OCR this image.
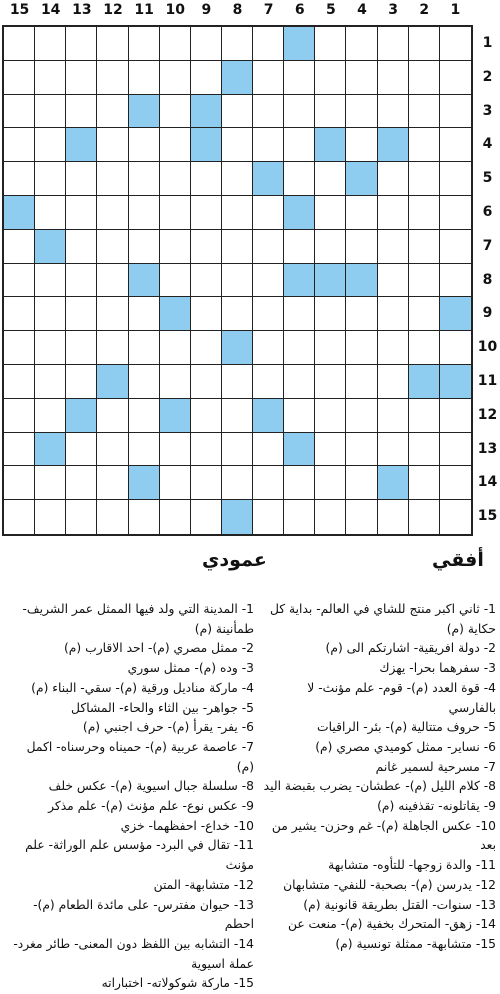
15 14 13 12 11 10	9	8	7	6	5	4	3	2	1
1
2
3
4
5
6
7
8
9
10
11
12
13
14
15
أفقي
عمودي
1- ثاني اكبر منتج للشاي في العالم- بداية كل حكاية (م)
2- دولة افريقية- اشارتكم الى (م)
3- سفرهما بحرا- يهزك
4- قوة العدد (م)- قوم- علم مؤنث- لا بالفارسي
5- حروف متتالية (م)- بئر- الراقيات
6- نساير- ممثل كوميدي مصري (م)
7- مسرحية لسمير غانم
8- كلام الليل (م)- عطشان- يضرب بقبضة اليد
9- يقاتلونه- تقذفينه (م)
10- عكس الجاهلة (م)- غم وحزن- يشير من بعد
11- والدة زوجها- للتأوه- متشابهة
12- يدرسن (م)- بصحبة- للنفي- متشابهان
13- سنوات- القتل بطريقة قانونية (م)
14- زهق- المتحرك بخفية (م)- منعت عن
15- متشابهة- ممثلة تونسية (م)
1- المدينة التي ولد فيها الممثل عمر الشريف- طمأنينة (م)
2- ممثل مصري (م)- احد الاقارب (م)
3- وده (م)- ممثل سوري
4- ماركة مناديل ورقية (م)- سقي- البناء (م)
5- جواهر- بين الثاء والحاء- المشاكل
6- يفر- يقرأ (م)- حرف اجنبي (م)
7- عاصمة عربية (م)- حميناه وحرسناه- اكمل (م)
8- سلسلة جبال اسيوية (م)- عكس خلف
9- عكس نوع- علم مؤنث (م)- علم مذكر
10- خداع- احفظهما- خزي
11- تقال في البرد- مؤسس علم الوراثة- علم مؤنث
12- متشابهة- المتن
13- حيوان مفترس- على مائدة الطعام (م)- احطم
14- التشابه بين اللفظ دون المعنى- طائر مغرد- عملة اسيوية
15- ماركة شوكولاته- اختباراته
